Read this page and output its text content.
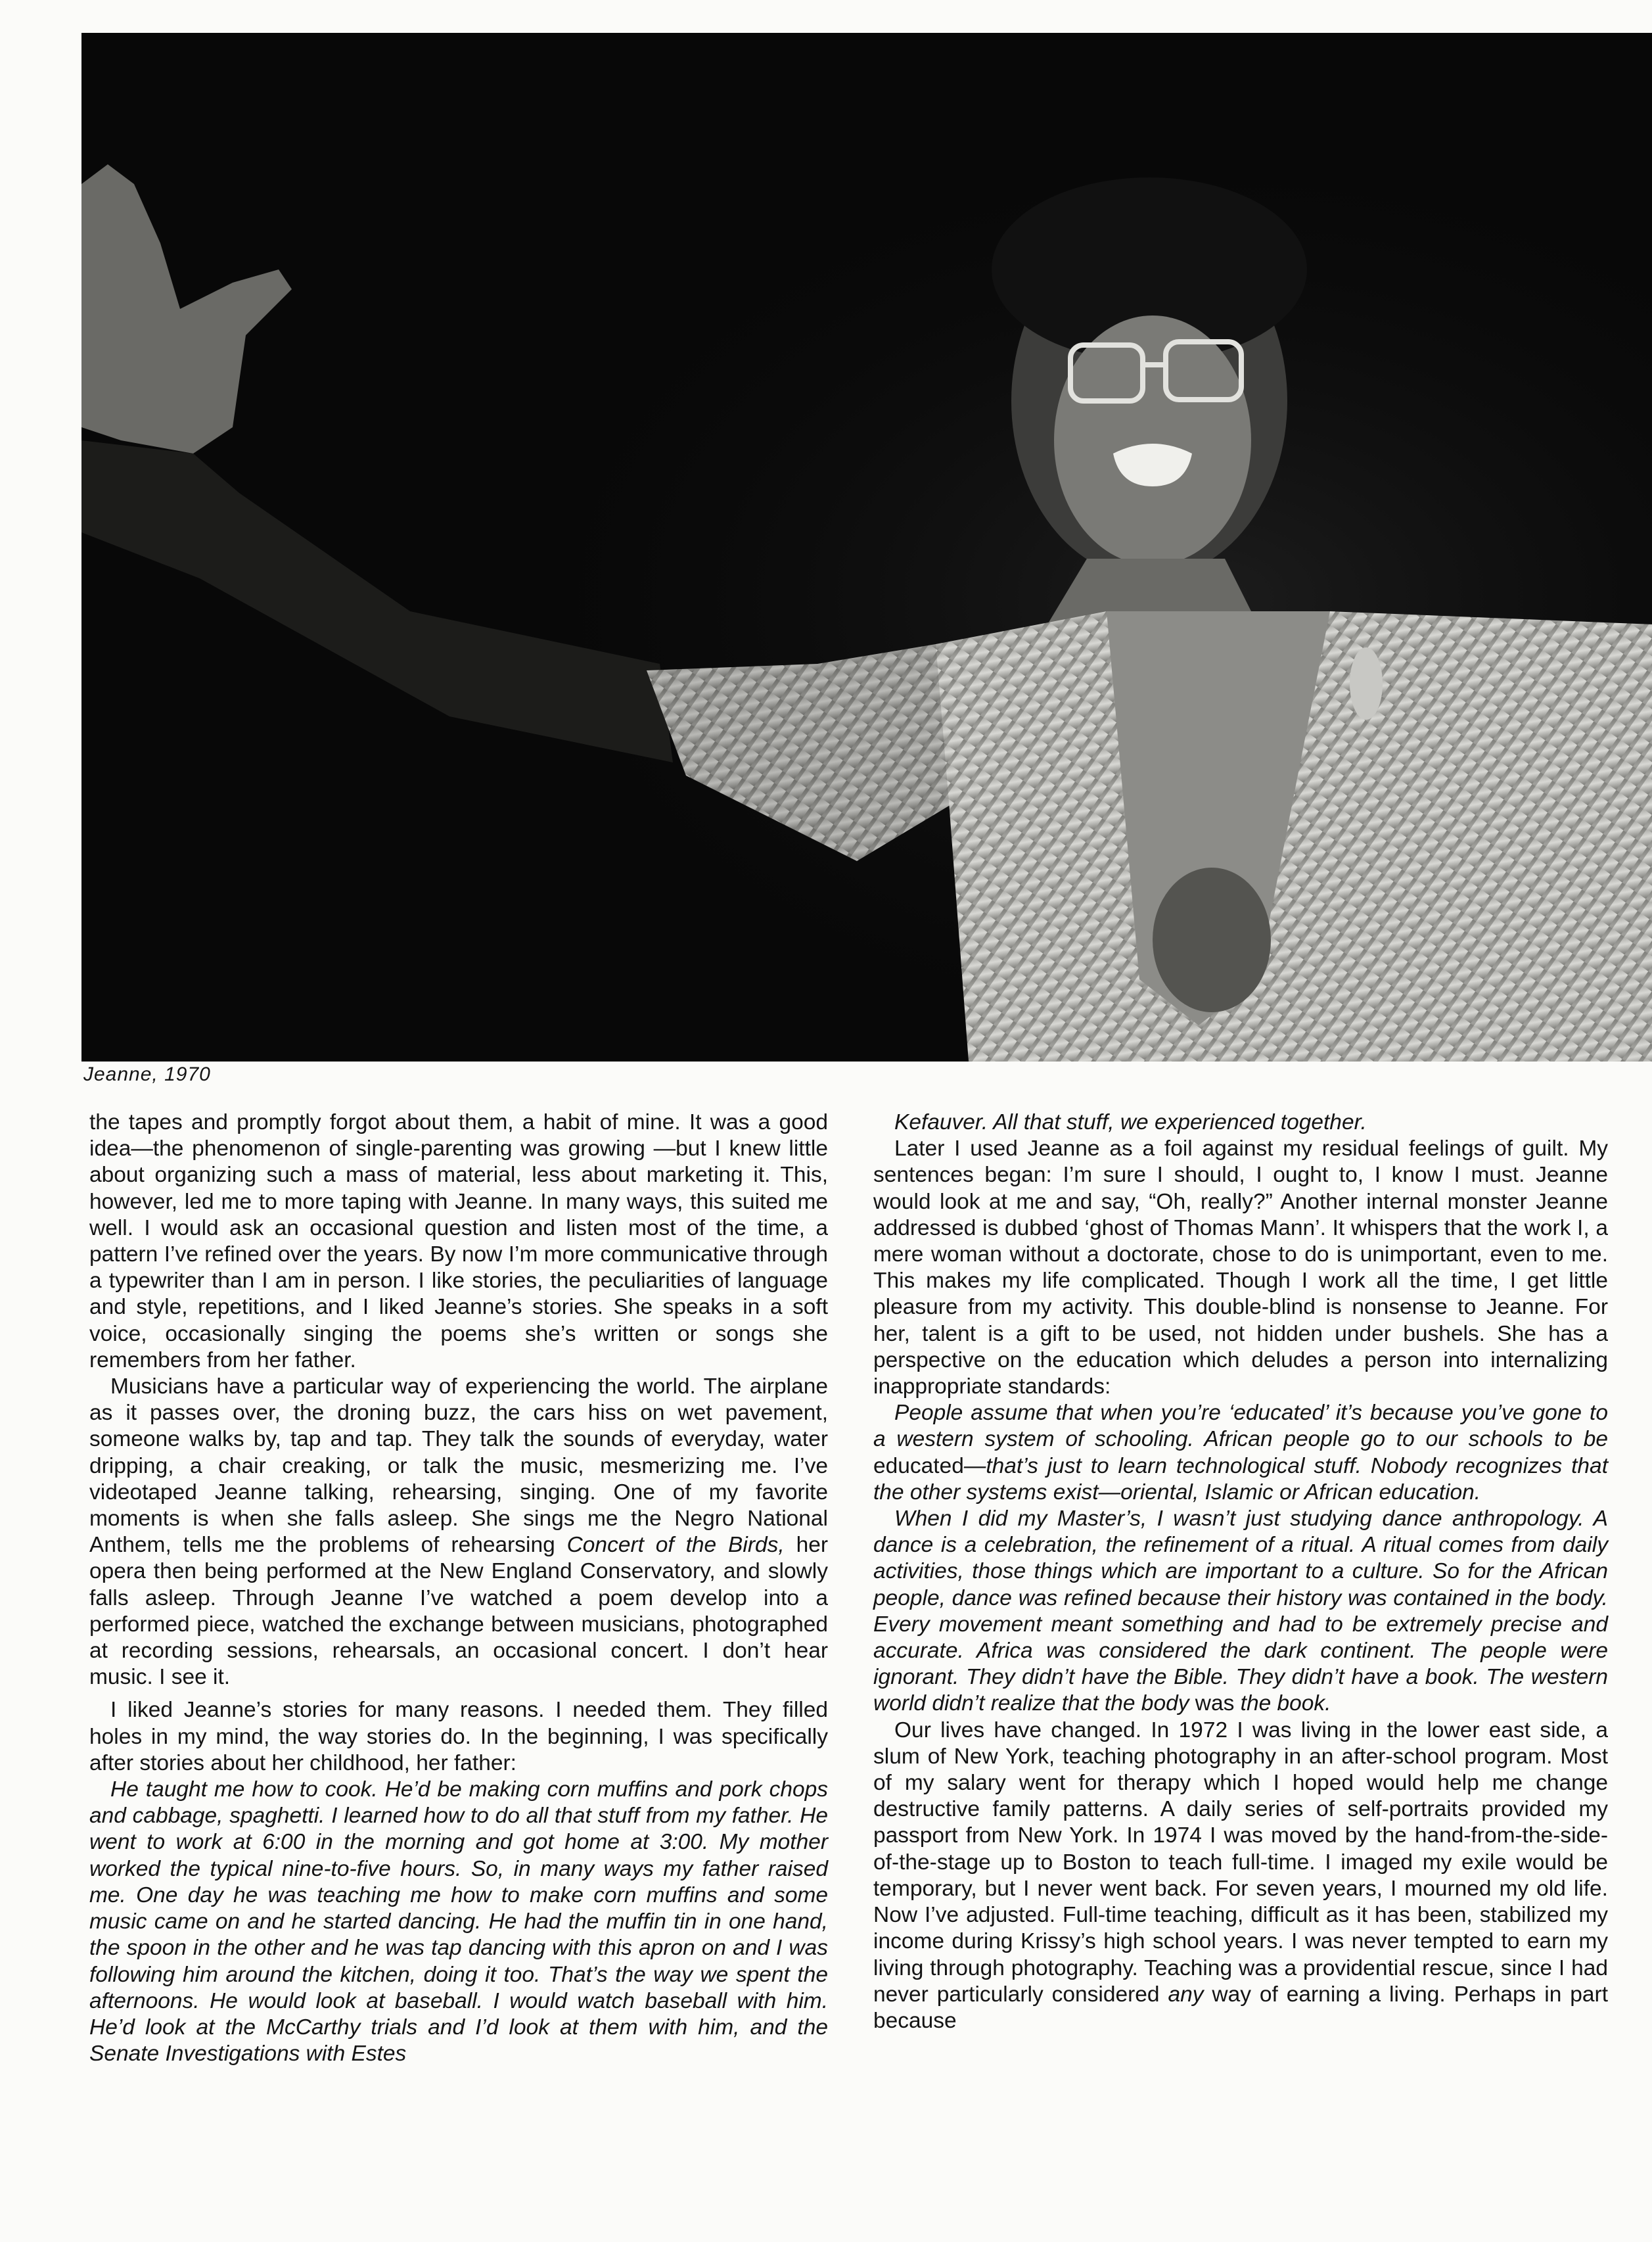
Jeanne, 1970

the tapes and promptly forgot about them, a habit of mine. It was a good idea—the phenomenon of single-parenting was growing —but I knew little about organizing such a mass of material, less about marketing it. This, however, led me to more taping with Jeanne. In many ways, this suited me well. I would ask an occasional question and listen most of the time, a pattern I’ve refined over the years. By now I’m more communicative through a typewriter than I am in person. I like stories, the peculiarities of language and style, repetitions, and I liked Jeanne’s stories. She speaks in a soft voice, occasionally singing the poems she’s written or songs she remembers from her father.

Musicians have a particular way of experiencing the world. The airplane as it passes over, the droning buzz, the cars hiss on wet pavement, someone walks by, tap and tap. They talk the sounds of everyday, water dripping, a chair creaking, or talk the music, mesmerizing me. I’ve videotaped Jeanne talking, rehearsing, singing. One of my favorite moments is when she falls asleep. She sings me the Negro National Anthem, tells me the problems of rehearsing Concert of the Birds, her opera then being performed at the New England Conservatory, and slowly falls asleep. Through Jeanne I’ve watched a poem develop into a performed piece, watched the exchange between musicians, photographed at recording sessions, rehearsals, an occasional concert. I don’t hear music. I see it.

I liked Jeanne’s stories for many reasons. I needed them. They filled holes in my mind, the way stories do. In the beginning, I was specifically after stories about her childhood, her father:

He taught me how to cook. He’d be making corn muffins and pork chops and cabbage, spaghetti. I learned how to do all that stuff from my father. He went to work at 6:00 in the morning and got home at 3:00. My mother worked the typical nine-to-five hours. So, in many ways my father raised me. One day he was teaching me how to make corn muffins and some music came on and he started dancing. He had the muffin tin in one hand, the spoon in the other and he was tap dancing with this apron on and I was following him around the kitchen, doing it too. That’s the way we spent the afternoons. He would look at baseball. I would watch baseball with him. He’d look at the McCarthy trials and I’d look at them with him, and the Senate Investigations with Estes

Kefauver. All that stuff, we experienced together.

Later I used Jeanne as a foil against my residual feelings of guilt. My sentences began: I’m sure I should, I ought to, I know I must. Jeanne would look at me and say, “Oh, really?” Another internal monster Jeanne addressed is dubbed ‘ghost of Thomas Mann’. It whispers that the work I, a mere woman without a doctorate, chose to do is unimportant, even to me. This makes my life complicated. Though I work all the time, I get little pleasure from my activity. This double-blind is nonsense to Jeanne. For her, talent is a gift to be used, not hidden under bushels. She has a perspective on the education which deludes a person into internalizing inappropriate standards:

People assume that when you’re ‘educated’ it’s because you’ve gone to a western system of schooling. African people go to our schools to be educated—that’s just to learn technological stuff. Nobody recognizes that the other systems exist—oriental, Islamic or African education.

When I did my Master’s, I wasn’t just studying dance anthropology. A dance is a celebration, the refinement of a ritual. A ritual comes from daily activities, those things which are important to a culture. So for the African people, dance was refined because their history was contained in the body. Every movement meant something and had to be extremely precise and accurate. Africa was considered the dark continent. The people were ignorant. They didn’t have the Bible. They didn’t have a book. The western world didn’t realize that the body was the book.

Our lives have changed. In 1972 I was living in the lower east side, a slum of New York, teaching photography in an after-school program. Most of my salary went for therapy which I hoped would help me change destructive family patterns. A daily series of self-portraits provided my passport from New York. In 1974 I was moved by the hand-from-the-side-of-the-stage up to Boston to teach full-time. I imaged my exile would be temporary, but I never went back. For seven years, I mourned my old life. Now I’ve adjusted. Full-time teaching, difficult as it has been, stabilized my income during Krissy’s high school years. I was never tempted to earn my living through photography. Teaching was a providential rescue, since I had never particularly considered any way of earning a living. Perhaps in part because
